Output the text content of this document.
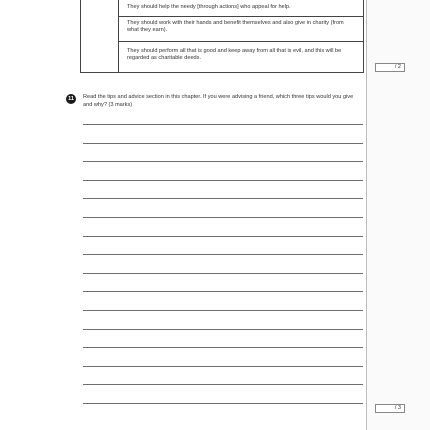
They should help the needy [through actions] who appeal for help.
They should work with their hands and benefit themselves and also give in charity (from what they earn).
They should perform all that is good and keep away from all that is evil, and this will be regarded as charitable deeds.
/ 2
11	Read the tips and advice section in this chapter. If you were advising a friend, which three tips would you give and why? (3 marks)
/ 3
